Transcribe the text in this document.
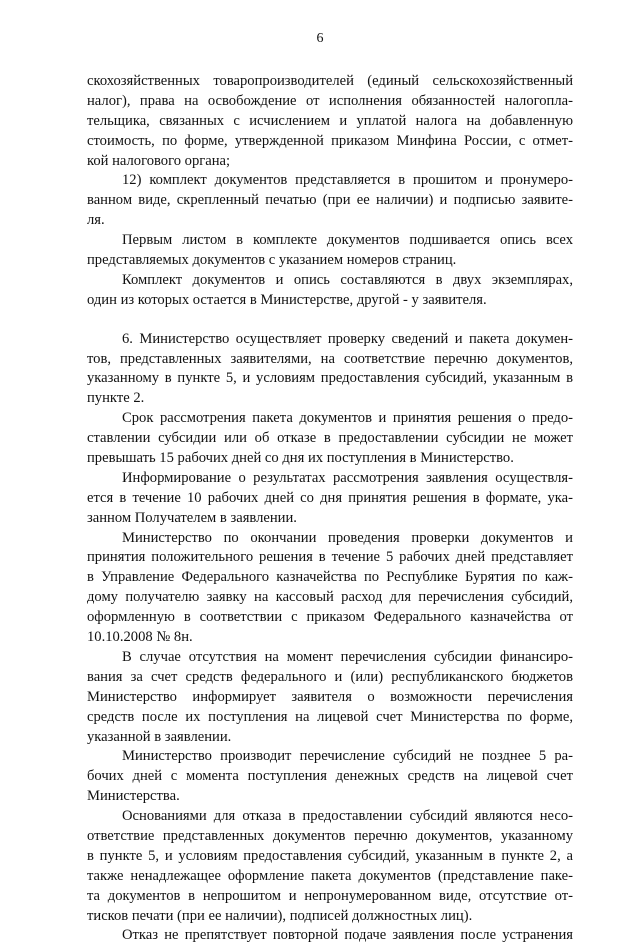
6
скохозяйственных товаропроизводителей (единый сельскохозяйственный
налог), права на освобождение от исполнения обязанностей налогопла-
тельщика, связанных с исчислением и уплатой налога на добавленную
стоимость, по форме, утвержденной приказом Минфина России, с отмет-
кой налогового органа;
12) комплект документов представляется в прошитом и пронумеро-
ванном виде, скрепленный печатью (при ее наличии) и подписью заявите-
ля.
Первым листом в комплекте документов подшивается опись всех
представляемых документов с указанием номеров страниц.
Комплект документов и опись составляются в двух экземплярах,
один из которых остается в Министерстве, другой - у заявителя.
6. Министерство осуществляет проверку сведений и пакета докумен-
тов, представленных заявителями, на соответствие перечню документов,
указанному в пункте 5, и условиям предоставления субсидий, указанным в
пункте 2.
Срок рассмотрения пакета документов и принятия решения о предо-
ставлении субсидии или об отказе в предоставлении субсидии не может
превышать 15 рабочих дней со дня их поступления в Министерство.
Информирование о результатах рассмотрения заявления осуществля-
ется в течение 10 рабочих дней со дня принятия решения в формате, ука-
занном Получателем в заявлении.
Министерство по окончании проведения проверки документов и
принятия положительного решения в течение 5 рабочих дней представляет
в Управление Федерального казначейства по Республике Бурятия по каж-
дому получателю заявку на кассовый расход для перечисления субсидий,
оформленную в соответствии с приказом Федерального казначейства от
10.10.2008 № 8н.
В случае отсутствия на момент перечисления субсидии финансиро-
вания за счет средств федерального и (или) республиканского бюджетов
Министерство информирует заявителя о возможности перечисления
средств после их поступления на лицевой счет Министерства по форме,
указанной в заявлении.
Министерство производит перечисление субсидий не позднее 5 ра-
бочих дней с момента поступления денежных средств на лицевой счет
Министерства.
Основаниями для отказа в предоставлении субсидий являются несо-
ответствие представленных документов перечню документов, указанному
в пункте 5, и условиям предоставления субсидий, указанным в пункте 2, а
также ненадлежащее оформление пакета документов (представление паке-
та документов в непрошитом и непронумерованном виде, отсутствие от-
тисков печати (при ее наличии), подписей должностных лиц).
Отказ не препятствует повторной подаче заявления после устранения
